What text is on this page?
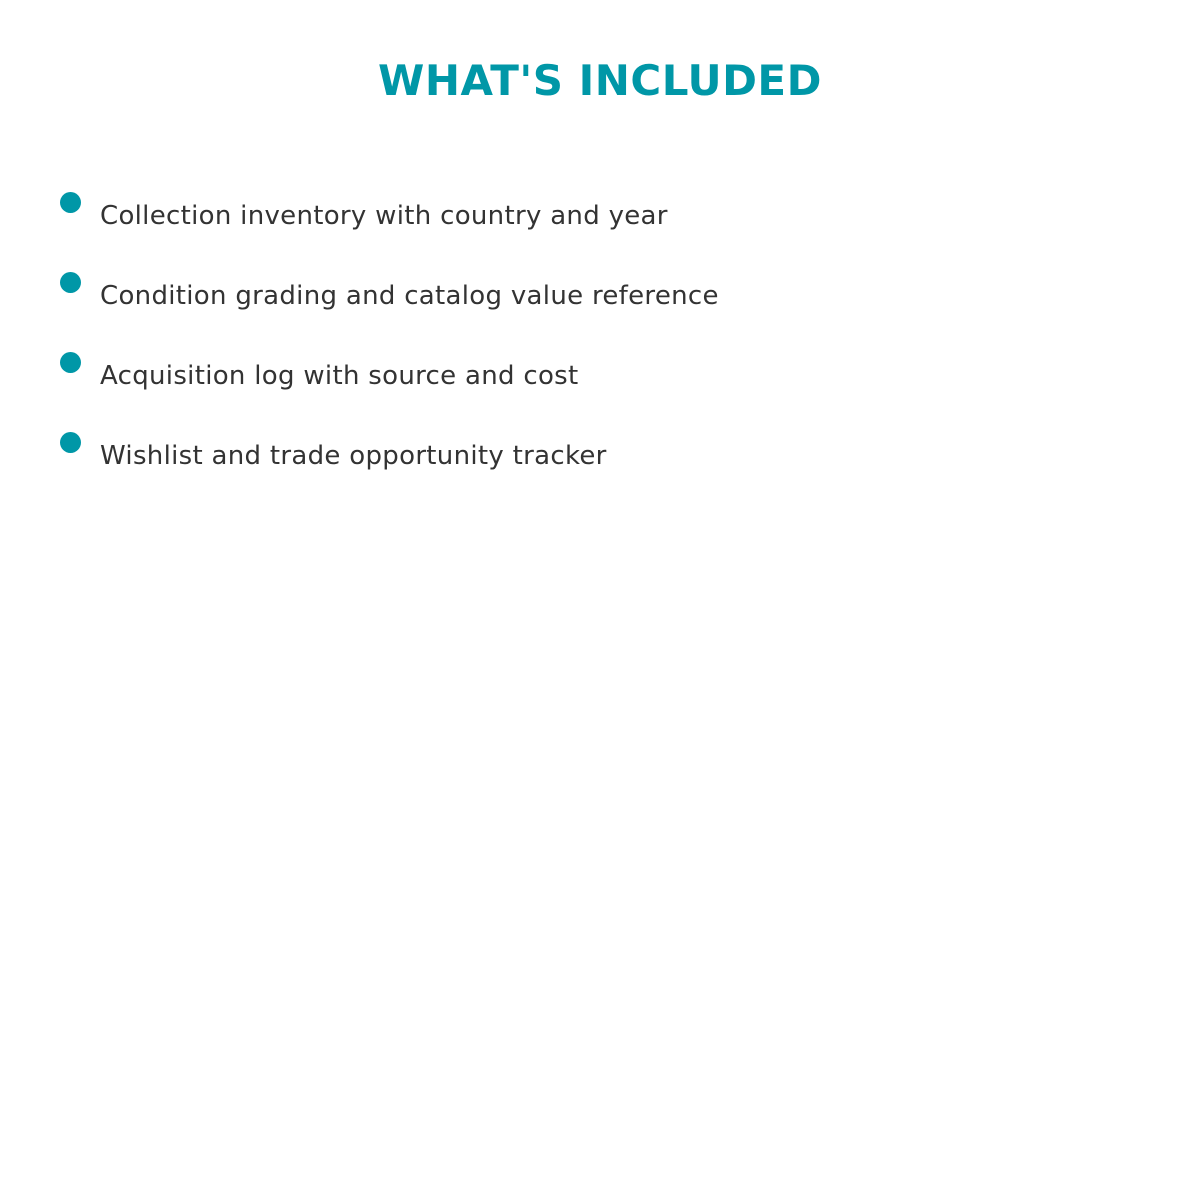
WHAT'S INCLUDED
Collection inventory with country and year
Condition grading and catalog value reference
Acquisition log with source and cost
Wishlist and trade opportunity tracker
